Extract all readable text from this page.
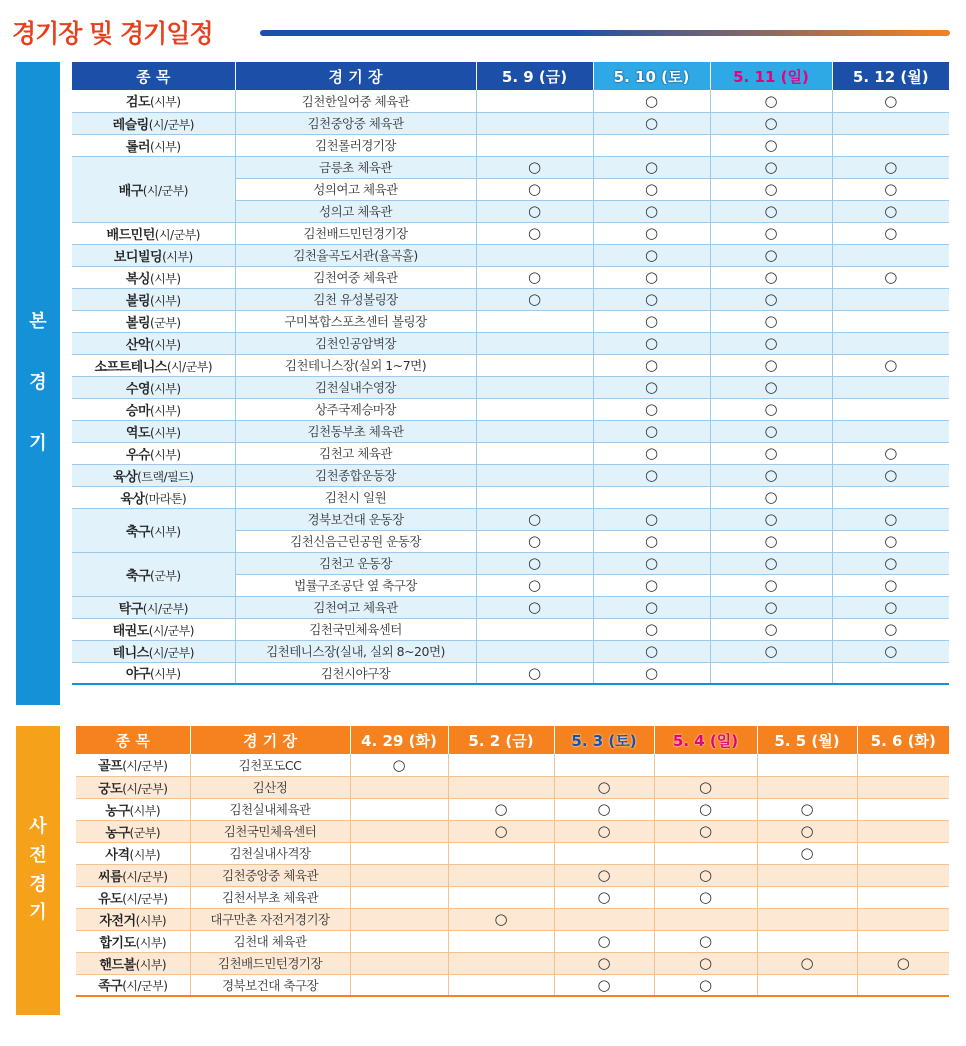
경기장 및 경기일정
본
경
기
사
전
경
기
종 목	경 기 장	5. 9 (금)	5. 10 (토)	5. 11 (일)	5. 12 (월)
검도(시부)	김천한일여중 체육관		○	○	○
레슬링(시/군부)	김천중앙중 체육관		○	○	
롤러(시부)	김천롤러경기장			○	
배구(시/군부)	금릉초 체육관	○	○	○	○
	성의여고 체육관	○	○	○	○
	성의고 체육관	○	○	○	○
배드민턴(시/군부)	김천배드민턴경기장	○	○	○	○
보디빌딩(시부)	김천율곡도서관(율곡홀)		○	○	
복싱(시부)	김천여중 체육관	○	○	○	○
볼링(시부)	김천 유성볼링장	○	○	○	
볼링(군부)	구미복합스포츠센터 볼링장		○	○	
산악(시부)	김천인공암벽장		○	○	
소프트테니스(시/군부)	김천테니스장(실외 1~7면)		○	○	○
수영(시부)	김천실내수영장		○	○	
승마(시부)	상주국제승마장		○	○	
역도(시부)	김천동부초 체육관		○	○	
우슈(시부)	김천고 체육관		○	○	○
육상(트랙/필드)	김천종합운동장		○	○	○
육상(마라톤)	김천시 일원			○	
축구(시부)	경북보건대 운동장	○	○	○	○
	김천신음근린공원 운동장	○	○	○	○
축구(군부)	김천고 운동장	○	○	○	○
	법률구조공단 옆 축구장	○	○	○	○
탁구(시/군부)	김천여고 체육관	○	○	○	○
태권도(시/군부)	김천국민체육센터		○	○	○
테니스(시/군부)	김천테니스장(실내, 실외 8~20면)		○	○	○
야구(시부)	김천시야구장	○	○		
종 목	경 기 장	4. 29 (화)	5. 2 (금)	5. 3 (토)	5. 4 (일)	5. 5 (월)	5. 6 (화)
골프(시/군부)	김천포도CC	○					
궁도(시/군부)	김산정			○	○		
농구(시부)	김천실내체육관		○	○	○	○	
농구(군부)	김천국민체육센터		○	○	○	○	
사격(시부)	김천실내사격장					○	
씨름(시/군부)	김천중앙중 체육관			○	○		
유도(시/군부)	김천서부초 체육관			○	○		
자전거(시부)	대구만촌 자전거경기장		○				
합기도(시부)	김천대 체육관			○	○		
핸드볼(시부)	김천배드민턴경기장			○	○	○	○
족구(시/군부)	경북보건대 축구장			○	○		
